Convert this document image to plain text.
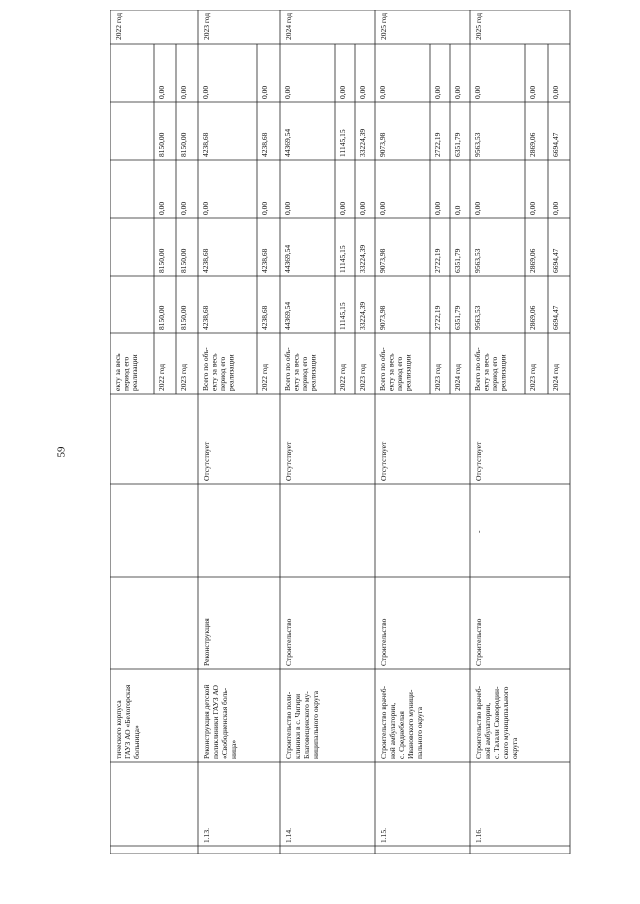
59
тического корпуса ГАУЗ АО «Белогорская больница»
екту за весь период его реализации 2022 год
8150,00
8150,00
0,00
8150,00
0,00
2023 год
8150,00
8150,00
0,00
8150,00
0,00
2022 год
1.13.
Реконструкция детской поликлиники ГАУЗ АО «Свободненская боль- ница»
Реконструкция
Отсутствует
Всего по объ- екту за весь период его реализации
4238,68
4238,68
0,00
4238,68
0,00
2022 год
4238,68
4238,68
0,00
4238,68
0,00
2023 год
1.14.
Строительство поли- клиники в с. Чигири Благовещенского му- ниципального округа
Строительство
Отсутствует
Всего по объ- екту за весь период его реализации
44369,54
44369,54
0,00
44369,54
0,00
2022 год
11145,15
11145,15
0,00
11145,15
0,00
2023 год
33224,39
33224,39
0,00
33224,39
0,00
2024 год
1.15.
Строительство врачеб- ной амбулатории, с. Среднебелая Ивановского муници- пального округа
Строительство
Отсутствует
Всего по объ- екту за весь период его реализации
9073,98
9073,98
0,00
9073,98
0,00
2023 год
2722,19
2722,19
0,00
2722,19
0,00
2024 год
6351,79
6351,79
0,0
6351,79
0,00
2025 год
1.16.
Строительство врачеб- ной амбулатории, с. Талали Сковородин- ского муниципального округа
Строительство
-
Отсутствует
Всего по объ- екту за весь период его реализации
9563,53
9563,53
0,00
9563,53
0,00
2023 год
2869,06
2869,06
0,00
2869,06
0,00
2024 год
6694,47
6694,47
0,00
6694,47
0,00
2025 год
